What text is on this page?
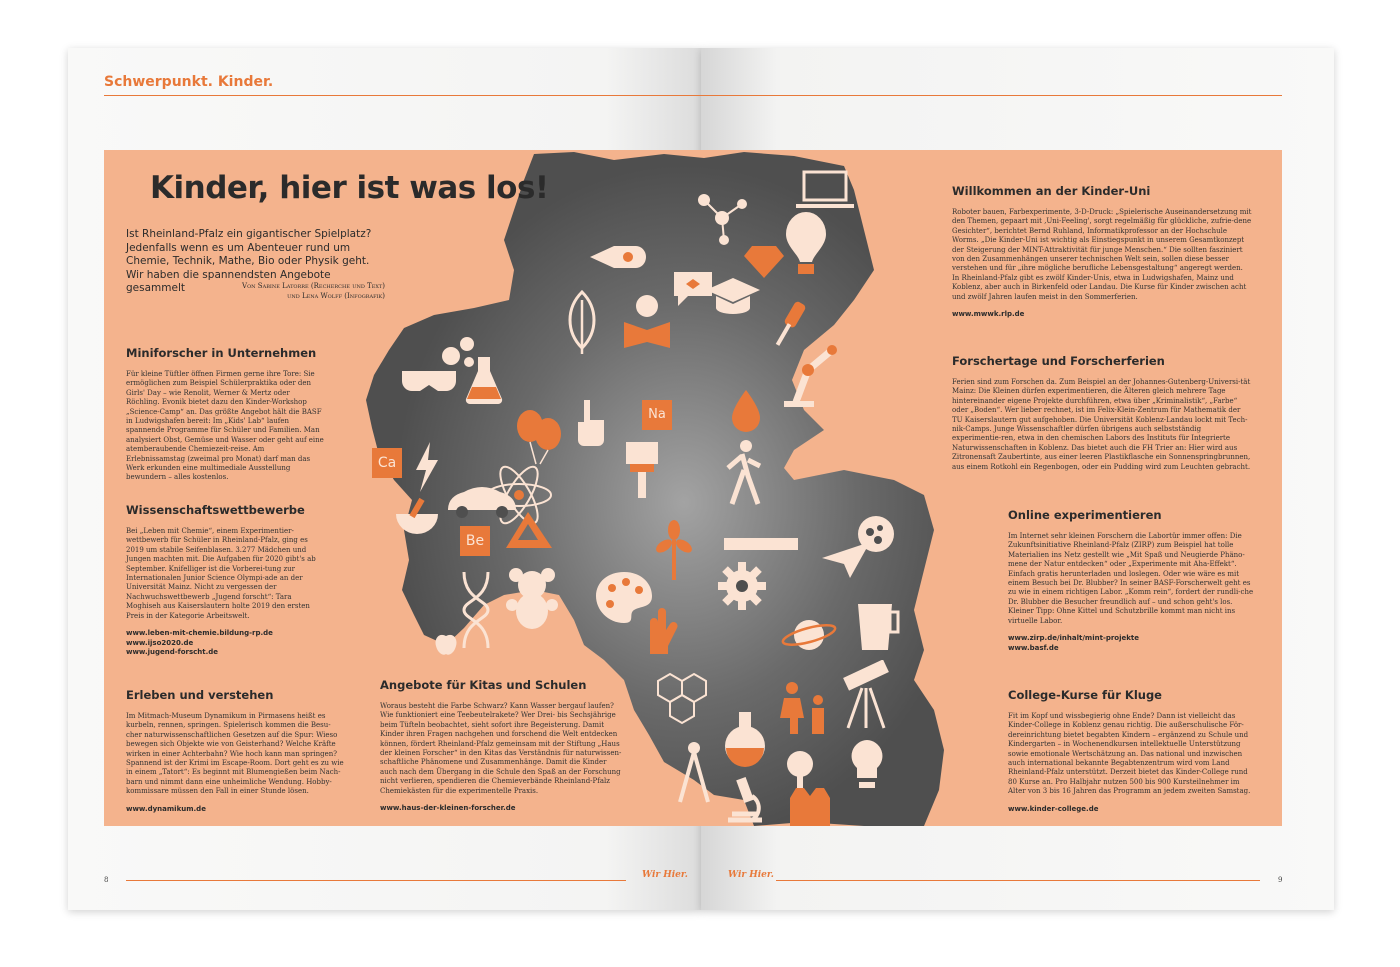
Schwerpunkt. Kinder.
Ca
Be
Na
Kinder, hier ist was los!
Ist Rheinland-Pfalz ein gigantischer Spielplatz? Jedenfalls wenn es um Abenteuer rund um Chemie, Technik, Mathe, Bio oder Physik geht. Wir haben die spannendsten Angebote gesammelt	Von Sabine Latorre (Recherche und Text)
und Lena Wolff (Infografik)
Miniforscher in Unternehmen

Für kleine Tüftler öffnen Firmen gerne ihre Tore: Sie ermöglichen zum Beispiel Schülerpraktika oder den Girls' Day – wie Renolit, Werner & Mertz oder Röchling. Evonik bietet dazu den Kinder-Workshop „Science-Camp“ an. Das größte Angebot hält die BASF in Ludwigshafen bereit: Im „Kids' Lab“ laufen spannende Programme für Schüler und Familien. Man analysiert Obst, Gemüse und Wasser oder geht auf eine atemberaubende Chemiezeit-reise. Am Erlebnissamstag (zweimal pro Monat) darf man das Werk erkunden eine multimediale Ausstellung bewundern – alles kostenlos.

Wissenschaftswettbewerbe

Bei „Leben mit Chemie“, einem Experimentier-wettbewerb für Schüler in Rheinland-Pfalz, ging es 2019 um stabile Seifenblasen. 3.277 Mädchen und Jungen machten mit. Die Aufgaben für 2020 gibt's ab September. Knifelliger ist die Vorberei-tung zur Internationalen Junior Science Olympi-ade an der Universität Mainz. Nicht zu vergessen der Nachwuchswettbewerb „Jugend forscht“: Tara Moghiseh aus Kaiserslautern holte 2019 den ersten Preis in der Kategorie Arbeitswelt.

www.leben-mit-chemie.bildung-rp.de
www.ijso2020.de
www.jugend-forscht.de
Erleben und verstehen

Im Mitmach-Museum Dynamikum in Pirmasens heißt es kurbeln, rennen, springen. Spielerisch kommen die Besu-cher naturwissenschaftlichen Gesetzen auf die Spur: Wieso bewegen sich Objekte wie von Geisterhand? Welche Kräfte wirken in einer Achterbahn? Wie hoch kann man springen? Spannend ist der Krimi im Escape-Room. Dort geht es zu wie in einem „Tatort“: Es beginnt mit Blumengießen beim Nach-barn und nimmt dann eine unheimliche Wendung. Hobby-kommissare müssen den Fall in einer Stunde lösen.

www.dynamikum.de
Angebote für Kitas und Schulen

Woraus besteht die Farbe Schwarz? Kann Wasser bergauf laufen? Wie funktioniert eine Teebeutelrakete? Wer Drei- bis Sechsjährige beim Tüfteln beobachtet, sieht sofort ihre Begeisterung. Damit Kinder ihren Fragen nachgehen und forschend die Welt entdecken können, fördert Rheinland-Pfalz gemeinsam mit der Stiftung „Haus der kleinen Forscher“ in den Kitas das Verständnis für naturwissen-schaftliche Phänomene und Zusammenhänge. Damit die Kinder auch nach dem Übergang in die Schule den Spaß an der Forschung nicht verlieren, spendieren die Chemieverbände Rheinland-Pfalz Chemiekästen für die experimentelle Praxis.

www.haus-der-kleinen-forscher.de
Willkommen an der Kinder-Uni

Roboter bauen, Farbexperimente, 3-D-Druck: „Spielerische Auseinandersetzung mit den Themen, gepaart mit ‚Uni-Feeling', sorgt regelmäßig für glückliche, zufrie-dene Gesichter“, berichtet Bernd Ruhland, Informatikprofessor an der Hochschule Worms. „Die Kinder-Uni ist wichtig als Einstiegspunkt in unserem Gesamtkonzept der Steigerung der MINT-Attraktivität für junge Menschen.“ Die sollten fasziniert von den Zusammenhängen unserer technischen Welt sein, sollen diese besser verstehen und für „ihre mögliche berufliche Lebensgestaltung“ angeregt werden. In Rheinland-Pfalz gibt es zwölf Kinder-Unis, etwa in Ludwigshafen, Mainz und Koblenz, aber auch in Birkenfeld oder Landau. Die Kurse für Kinder zwischen acht und zwölf Jahren laufen meist in den Sommerferien.

www.mwwk.rlp.de
Forschertage und Forscherferien

Ferien sind zum Forschen da. Zum Beispiel an der Johannes-Gutenberg-Universi-tät Mainz: Die Kleinen dürfen experimentieren, die Älteren gleich mehrere Tage hintereinander eigene Projekte durchführen, etwa über „Kriminalistik“, „Farbe“ oder „Boden“. Wer lieber rechnet, ist im Felix-Klein-Zentrum für Mathematik der TU Kaiserslautern gut aufgehoben. Die Universität Koblenz-Landau lockt mit Tech-nik-Camps. Junge Wissenschaftler dürfen übrigens auch selbstständig experimentie-ren, etwa in den chemischen Labors des Instituts für Integrierte Naturwissenschaften in Koblenz. Das bietet auch die FH Trier an: Hier wird aus Zitronensaft Zaubertinte, aus einer leeren Plastikflasche ein Sonnenspringbrunnen, aus einem Rotkohl ein Regenbogen, oder ein Pudding wird zum Leuchten gebracht.

Online experimentieren

Im Internet sehr kleinen Forschern die Labortür immer offen: Die Zukunftsinitiative Rheinland-Pfalz (ZIRP) zum Beispiel hat tolle Materialien ins Netz gestellt wie „Mit Spaß und Neugierde Phäno-mene der Natur entdecken“ oder „Experimente mit Aha-Effekt“. Einfach gratis herunterladen und loslegen. Oder wie wäre es mit einem Besuch bei Dr. Blubber? In seiner BASF-Forscherwelt geht es zu wie in einem richtigen Labor. „Komm rein“, fordert der rundli-che Dr. Blubber die Besucher freundlich auf – und schon geht's los. Kleiner Tipp: Ohne Kittel und Schutzbrille kommt man nicht ins virtuelle Labor.

www.zirp.de/inhalt/mint-projekte
www.basf.de
College-Kurse für Kluge

Fit im Kopf und wissbegierig ohne Ende? Dann ist vielleicht das Kinder-College in Koblenz genau richtig. Die außerschulische För-dereinrichtung bietet begabten Kindern – ergänzend zu Schule und Kindergarten – in Wochenendkursen intellektuelle Unterstützung sowie emotionale Wertschätzung an. Das national und inzwischen auch international bekannte Begabtenzentrum wird vom Land Rheinland-Pfalz unterstützt. Derzeit bietet das Kinder-College rund 80 Kurse an. Pro Halbjahr nutzen 500 bis 900 Kursteilnehmer im Alter von 3 bis 16 Jahren das Programm an jedem zweiten Samstag.

www.kinder-college.de
8	Wir Hier.	Wir Hier.	9
